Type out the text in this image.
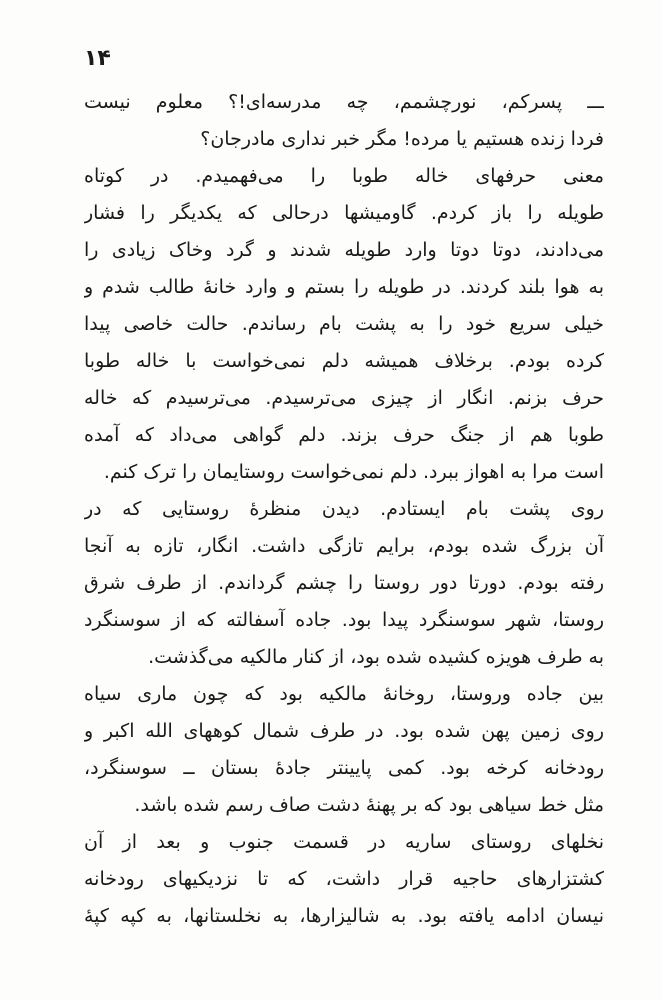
۱۴
ـــ پسرکم، نورچشمم، چه مدرسه‌ای!؟ معلوم نیست
فردا زنده هستیم یا مرده! مگر خبر نداری مادرجان؟
معنی حرفهای خاله طوبا را می‌فهمیدم. در کوتاه
طویله را باز کردم. گاومیشها درحالی که یکدیگر را فشار
می‌دادند، دوتا دوتا وارد طویله شدند و گرد وخاک زیادی را
به هوا بلند کردند. در طویله را بستم و وارد خانهٔ طالب شدم و
خیلی سریع خود را به پشت بام رساندم. حالت خاصی پیدا
کرده بودم. برخلاف همیشه دلم نمی‌خواست با خاله طوبا
حرف بزنم. انگار از چیزی می‌ترسیدم. می‌ترسیدم که خاله
طوبا هم از جنگ حرف بزند. دلم گواهی می‌داد که آمده
است مرا به اهواز ببرد. دلم نمی‌خواست روستایمان را ترک کنم.
روی پشت بام ایستادم. دیدن منظرهٔ روستایی که در
آن بزرگ شده بودم، برایم تازگی داشت. انگار، تازه به آنجا
رفته بودم. دورتا دور روستا را چشم گرداندم. از طرف شرق
روستا، شهر سوسنگرد پیدا بود. جاده آسفالته که از سوسنگرد
به طرف هویزه کشیده شده بود، از کنار مالکیه می‌گذشت.
بین جاده وروستا، روخانهٔ مالکیه بود که چون ماری سیاه
روی زمین پهن شده بود. در طرف شمال کوههای الله اکبر و
رودخانه کرخه بود. کمی پایینتر جادهٔ بستان ــ سوسنگرد،
مثل خط سیاهی بود که بر پهنهٔ دشت صاف رسم شده باشد.
نخلهای روستای ساریه در قسمت جنوب و بعد از آن
کشتزارهای حاجیه قرار داشت، که تا نزدیکیهای رودخانه
نیسان ادامه یافته بود. به شالیزارها، به نخلستانها، به کپه کپهٔ
